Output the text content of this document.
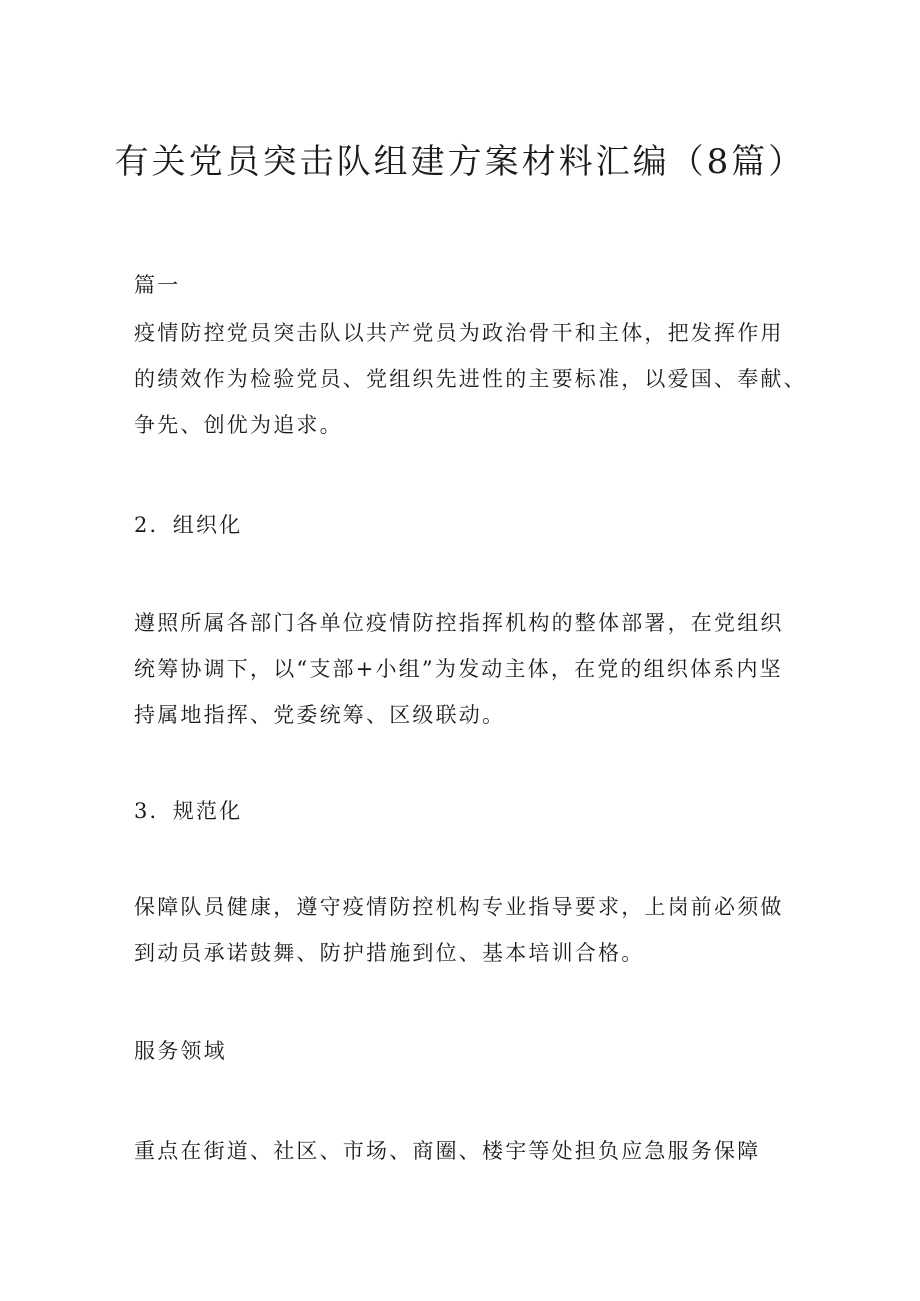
有关党员突击队组建方案材料汇编（8篇）
篇一
疫情防控党员突击队以共产党员为政治骨干和主体，把发挥作用
的绩效作为检验党员、党组织先进性的主要标准，以爱国、奉献、
争先、创优为追求。
2．组织化
遵照所属各部门各单位疫情防控指挥机构的整体部署，在党组织
统筹协调下，以“支部+小组”为发动主体，在党的组织体系内坚
持属地指挥、党委统筹、区级联动。
3．规范化
保障队员健康，遵守疫情防控机构专业指导要求，上岗前必须做
到动员承诺鼓舞、防护措施到位、基本培训合格。
服务领域
重点在街道、社区、市场、商圈、楼宇等处担负应急服务保障
